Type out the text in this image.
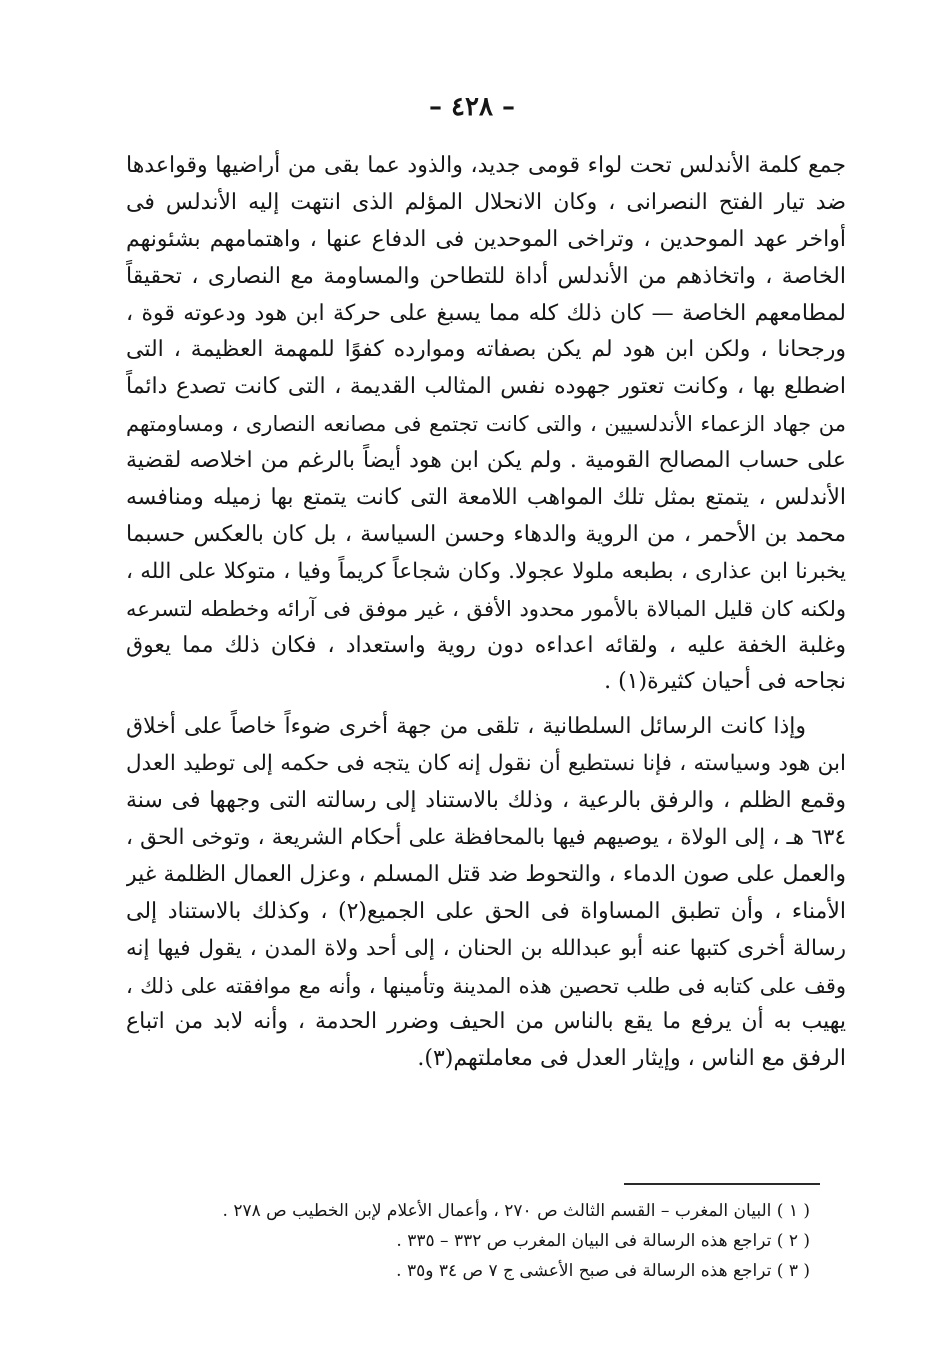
– ٤٢٨ –
جمع كلمة الأندلس تحت لواء قومى جديد، والذود عما بقى من أراضيها وقواعدها
ضد تيار الفتح النصرانى ، وكان الانحلال المؤلم الذى انتهت إليه الأندلس فى
أواخر عهد الموحدين ، وتراخى الموحدين فى الدفاع عنها ، واهتمامهم بشئونهم
الخاصة ، واتخاذهم من الأندلس أداة للتطاحن والمساومة مع النصارى ، تحقيقاً
لمطامعهم الخاصة — كان ذلك كله مما يسبغ على حركة ابن هود ودعوته قوة ،
ورجحانا ، ولكن ابن هود لم يكن بصفاته وموارده كفوًا للمهمة العظيمة ، التى
اضطلع بها ، وكانت تعتور جهوده نفس المثالب القديمة ، التى كانت تصدع دائماً
من جهاد الزعماء الأندلسيين ، والتى كانت تجتمع فى مصانعه النصارى ، ومساومتهم
على حساب المصالح القومية . ولم يكن ابن هود أيضاً بالرغم من اخلاصه لقضية
الأندلس ، يتمتع بمثل تلك المواهب اللامعة التى كانت يتمتع بها زميله ومنافسه
محمد بن الأحمر ، من الروية والدهاء وحسن السياسة ، بل كان بالعكس حسبما
يخبرنا ابن عذارى ، بطبعه ملولا عجولا. وكان شجاعاً كريماً وفيا ، متوكلا على الله ،
ولكنه كان قليل المبالاة بالأمور محدود الأفق ، غير موفق فى آرائه وخططه لتسرعه
وغلبة الخفة عليه ، ولقائه اعداءه دون روية واستعداد ، فكان ذلك مما يعوق
نجاحه فى أحيان كثيرة(١) .
وإذا كانت الرسائل السلطانية ، تلقى من جهة أخرى ضوءاً خاصاً على أخلاق
ابن هود وسياسته ، فإنا نستطيع أن نقول إنه كان يتجه فى حكمه إلى توطيد العدل
وقمع الظلم ، والرفق بالرعية ، وذلك بالاستناد إلى رسالته التى وجهها فى سنة
٦٣٤ هـ ، إلى الولاة ، يوصيهم فيها بالمحافظة على أحكام الشريعة ، وتوخى الحق ،
والعمل على صون الدماء ، والتحوط ضد قتل المسلم ، وعزل العمال الظلمة غير
الأمناء ، وأن تطبق المساواة فى الحق على الجميع(٢) ، وكذلك بالاستناد إلى
رسالة أخرى كتبها عنه أبو عبدالله بن الحنان ، إلى أحد ولاة المدن ، يقول فيها إنه
وقف على كتابه فى طلب تحصين هذه المدينة وتأمينها ، وأنه مع موافقته على ذلك ،
يهيب به أن يرفع ما يقع بالناس من الحيف وضرر الحدمة ، وأنه لابد من اتباع
الرفق مع الناس ، وإيثار العدل فى معاملتهم(٣).
( ١ ) البيان المغرب – القسم الثالث ص ٢٧٠ ، وأعمال الأعلام لإبن الخطيب ص ٢٧٨ .
( ٢ ) تراجع هذه الرسالة فى البيان المغرب ص ٣٣٢ – ٣٣٥ .
( ٣ ) تراجع هذه الرسالة فى صبح الأعشى ج ٧ ص ٣٤ و٣٥ .
